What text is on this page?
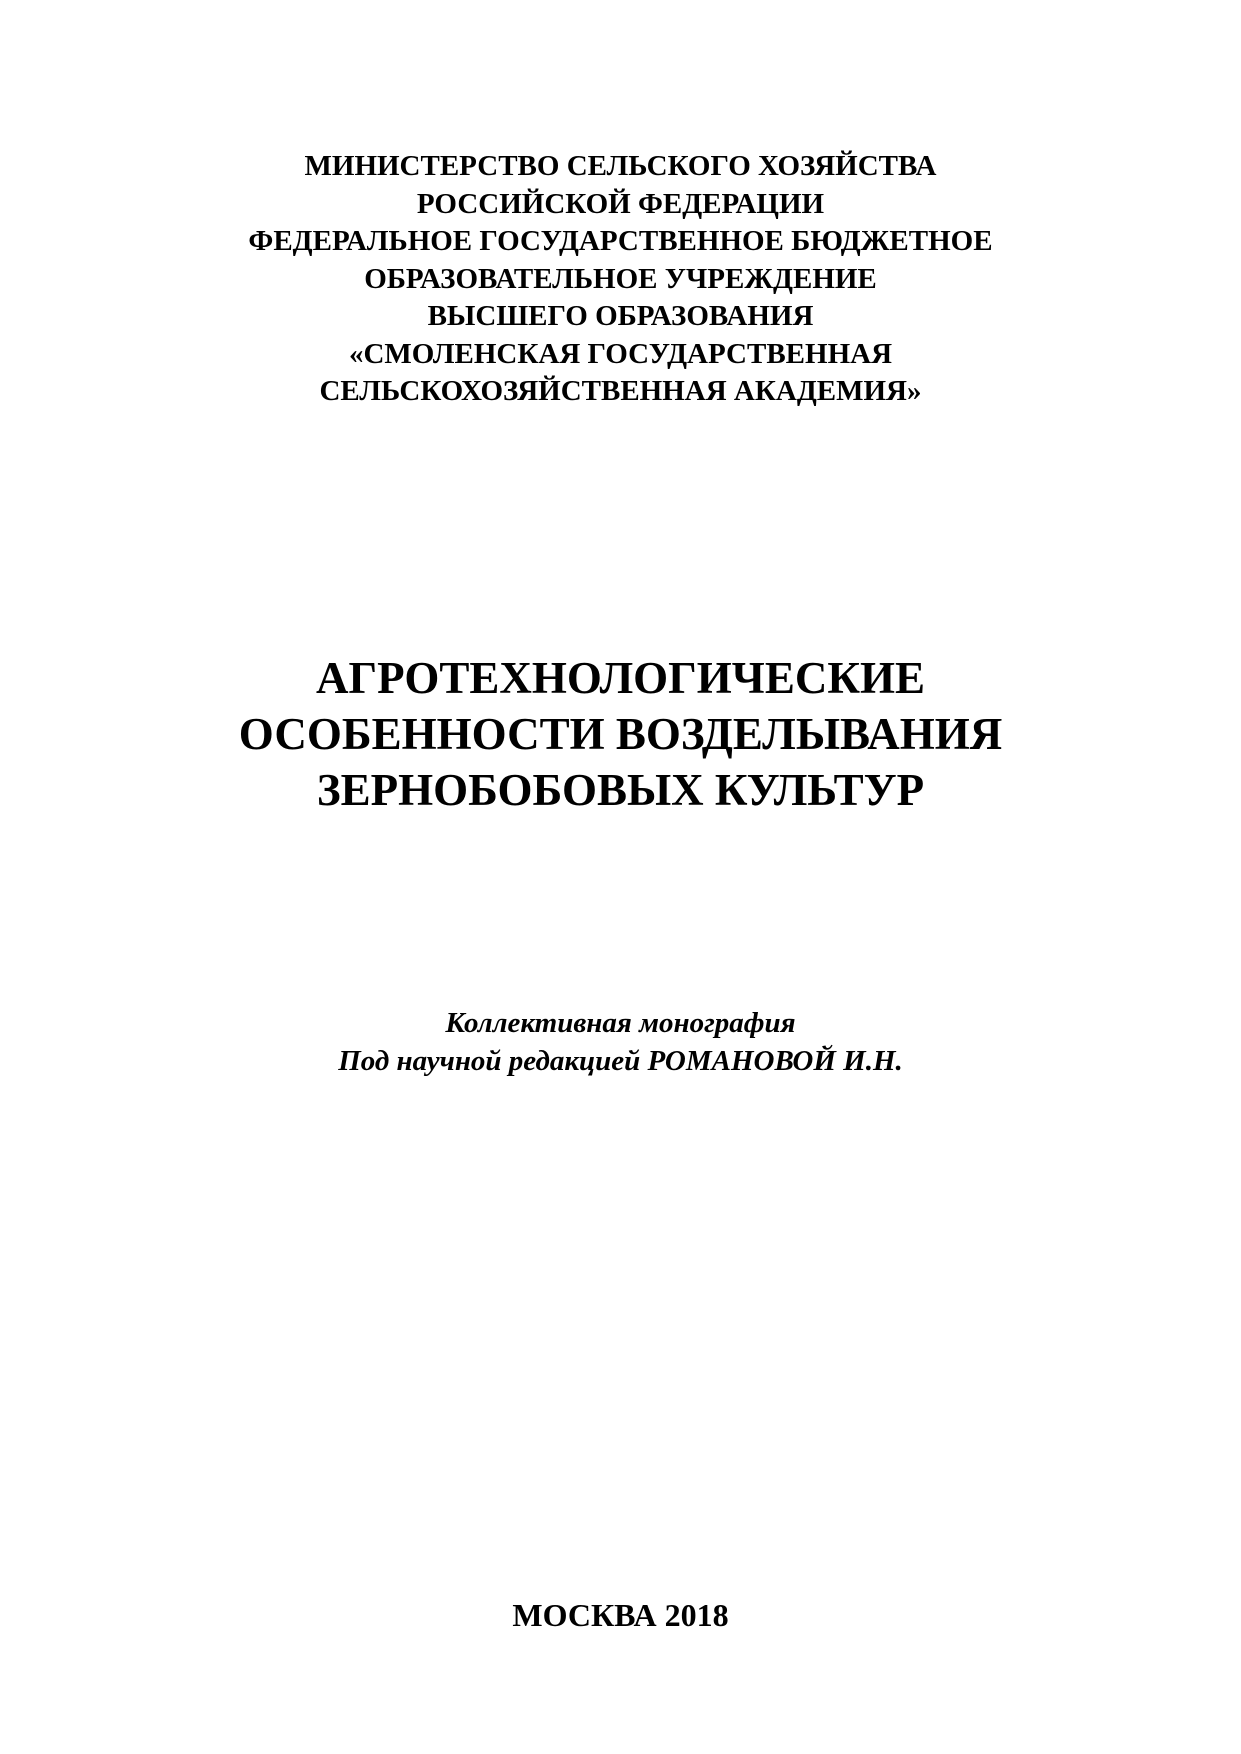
МИНИСТЕРСТВО СЕЛЬСКОГО ХОЗЯЙСТВА
РОССИЙСКОЙ ФЕДЕРАЦИИ
ФЕДЕРАЛЬНОЕ ГОСУДАРСТВЕННОЕ БЮДЖЕТНОЕ
ОБРАЗОВАТЕЛЬНОЕ УЧРЕЖДЕНИЕ
ВЫСШЕГО ОБРАЗОВАНИЯ
«СМОЛЕНСКАЯ ГОСУДАРСТВЕННАЯ
СЕЛЬСКОХОЗЯЙСТВЕННАЯ АКАДЕМИЯ»
АГРОТЕХНОЛОГИЧЕСКИЕ
ОСОБЕННОСТИ ВОЗДЕЛЫВАНИЯ
ЗЕРНОБОБОВЫХ КУЛЬТУР
Коллективная монография
Под научной редакцией РОМАНОВОЙ И.Н.
МОСКВА 2018
